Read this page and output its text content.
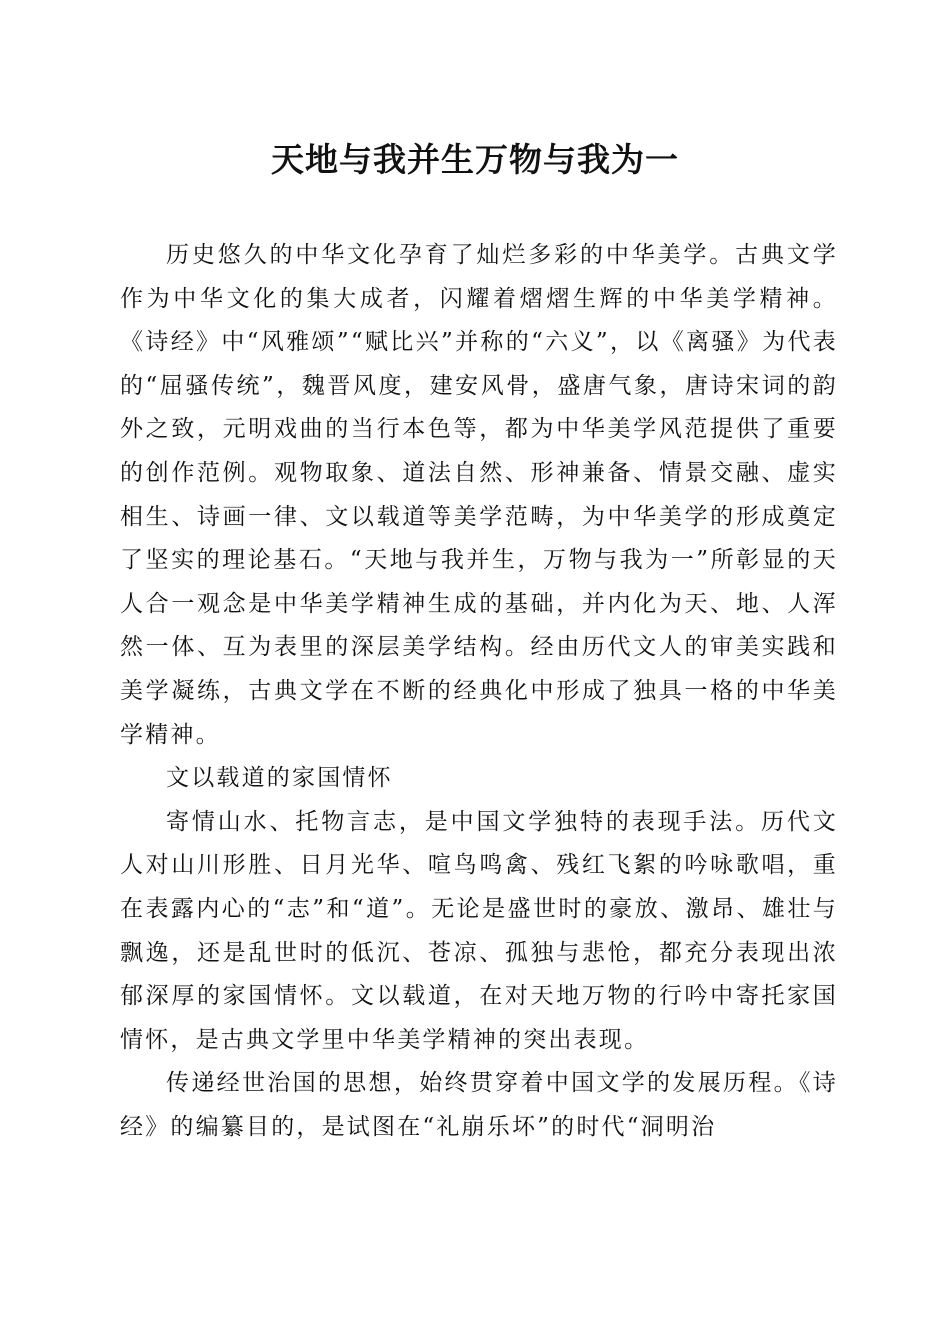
天地与我并生万物与我为一

历史悠久的中华文化孕育了灿烂多彩的中华美学。古典文学作为中华文化的集大成者，闪耀着熠熠生辉的中华美学精神。《诗经》中“风雅颂”“赋比兴”并称的“六义”，以《离骚》为代表的“屈骚传统”，魏晋风度，建安风骨，盛唐气象，唐诗宋词的韵外之致，元明戏曲的当行本色等，都为中华美学风范提供了重要的创作范例。观物取象、道法自然、形神兼备、情景交融、虚实相生、诗画一律、文以载道等美学范畴，为中华美学的形成奠定了坚实的理论基石。“天地与我并生，万物与我为一”所彰显的天人合一观念是中华美学精神生成的基础，并内化为天、地、人浑然一体、互为表里的深层美学结构。经由历代文人的审美实践和美学凝练，古典文学在不断的经典化中形成了独具一格的中华美学精神。

文以载道的家国情怀

寄情山水、托物言志，是中国文学独特的表现手法。历代文人对山川形胜、日月光华、喧鸟鸣禽、残红飞絮的吟咏歌唱，重在表露内心的“志”和“道”。无论是盛世时的豪放、激昂、雄壮与飘逸，还是乱世时的低沉、苍凉、孤独与悲怆，都充分表现出浓郁深厚的家国情怀。文以载道，在对天地万物的行吟中寄托家国情怀，是古典文学里中华美学精神的突出表现。

传递经世治国的思想，始终贯穿着中国文学的发展历程。《诗经》的编纂目的，是试图在“礼崩乐坏”的时代“洞明治
